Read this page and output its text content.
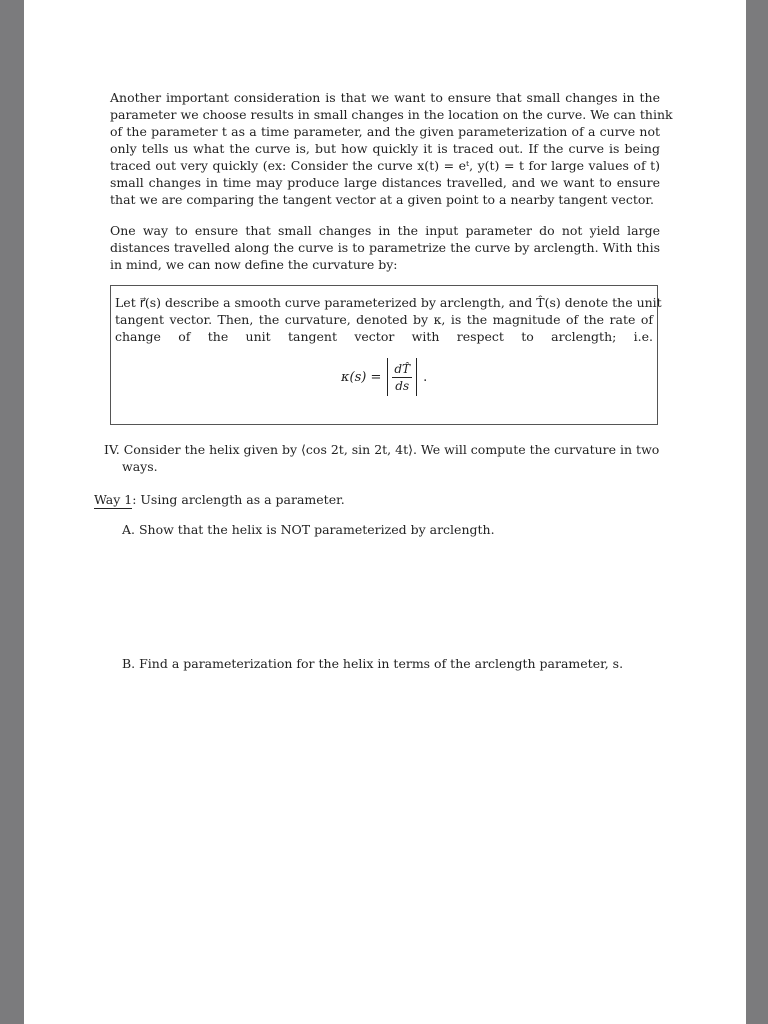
Another important consideration is that we want to ensure that small changes in the
parameter we choose results in small changes in the location on the curve. We can think
of the parameter t as a time parameter, and the given parameterization of a curve not
only tells us what the curve is, but how quickly it is traced out. If the curve is being
traced out very quickly (ex: Consider the curve x(t) = eᵗ, y(t) = t for large values of t)
small changes in time may produce large distances travelled, and we want to ensure
that we are comparing the tangent vector at a given point to a nearby tangent vector.
One way to ensure that small changes in the input parameter do not yield large
distances travelled along the curve is to parametrize the curve by arclength. With this
in mind, we can now define the curvature by:
Let r⃗(s) describe a smooth curve parameterized by arclength, and T̂(s) denote the unit
tangent vector. Then, the curvature, denoted by κ, is the magnitude of the rate of
change of the unit tangent vector with respect to arclength; i.e.
$\kappa(s) = \frac{dT̂}{ds}$ .

IV. Consider the helix given by ⟨cos 2t, sin 2t, 4t⟩. We will compute the curvature in two

ways.

Way 1: Using arclength as a parameter.

A. Show that the helix is NOT parameterized by arclength.

B. Find a parameterization for the helix in terms of the arclength parameter, s.
